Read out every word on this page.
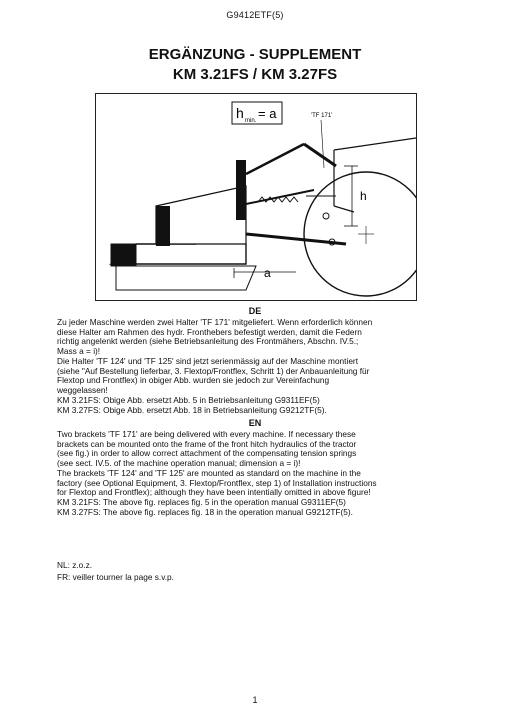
G9412ETF(5)
ERGÄNZUNG - SUPPLEMENT
KM 3.21FS / KM 3.27FS
h min. = a	'TF 171'
h
a
DE
Zu jeder Maschine werden zwei Halter 'TF 171' mitgeliefert. Wenn erforderlich können
diese Halter am Rahmen des hydr. Fronthebers befestigt werden, damit die Federn
richtig angelenkt werden (siehe Betriebsanleitung des Frontmähers, Abschn. IV.5.;
Mass a = i)!
Die Halter 'TF 124' und 'TF 125' sind jetzt serienmässig auf der Maschine montiert
(siehe "Auf Bestellung lieferbar, 3. Flextop/Frontflex, Schritt 1) der Anbauanleitung für
Flextop und Frontflex) in obiger Abb. wurden sie jedoch zur Vereinfachung
weggelassen!
KM 3.21FS: Obige Abb. ersetzt Abb. 5 in Betriebsanleitung G9311EF(5)
KM 3.27FS: Obige Abb. ersetzt Abb. 18 in Betriebsanleitung G9212TF(5).
EN
Two brackets 'TF 171' are being delivered with every machine. If necessary these
brackets can be mounted onto the frame of the front hitch hydraulics of the tractor
(see fig.) in order to allow correct attachment of the compensating tension springs
(see sect. IV.5. of the machine operation manual; dimension a = i)!
The brackets 'TF 124' and 'TF 125' are mounted as standard on the machine in the
factory (see Optional Equipment, 3. Flextop/Frontflex, step 1) of Installation instructions
for Flextop and Frontflex); although they have been intentially omitted in above figure!
KM 3.21FS: The above fig. replaces fig. 5 in the operation manual G9311EF(5)
KM 3.27FS: The above fig. replaces fig. 18 in the operation manual G9212TF(5).
NL: z.o.z.
FR: veiller tourner la page s.v.p.
1
